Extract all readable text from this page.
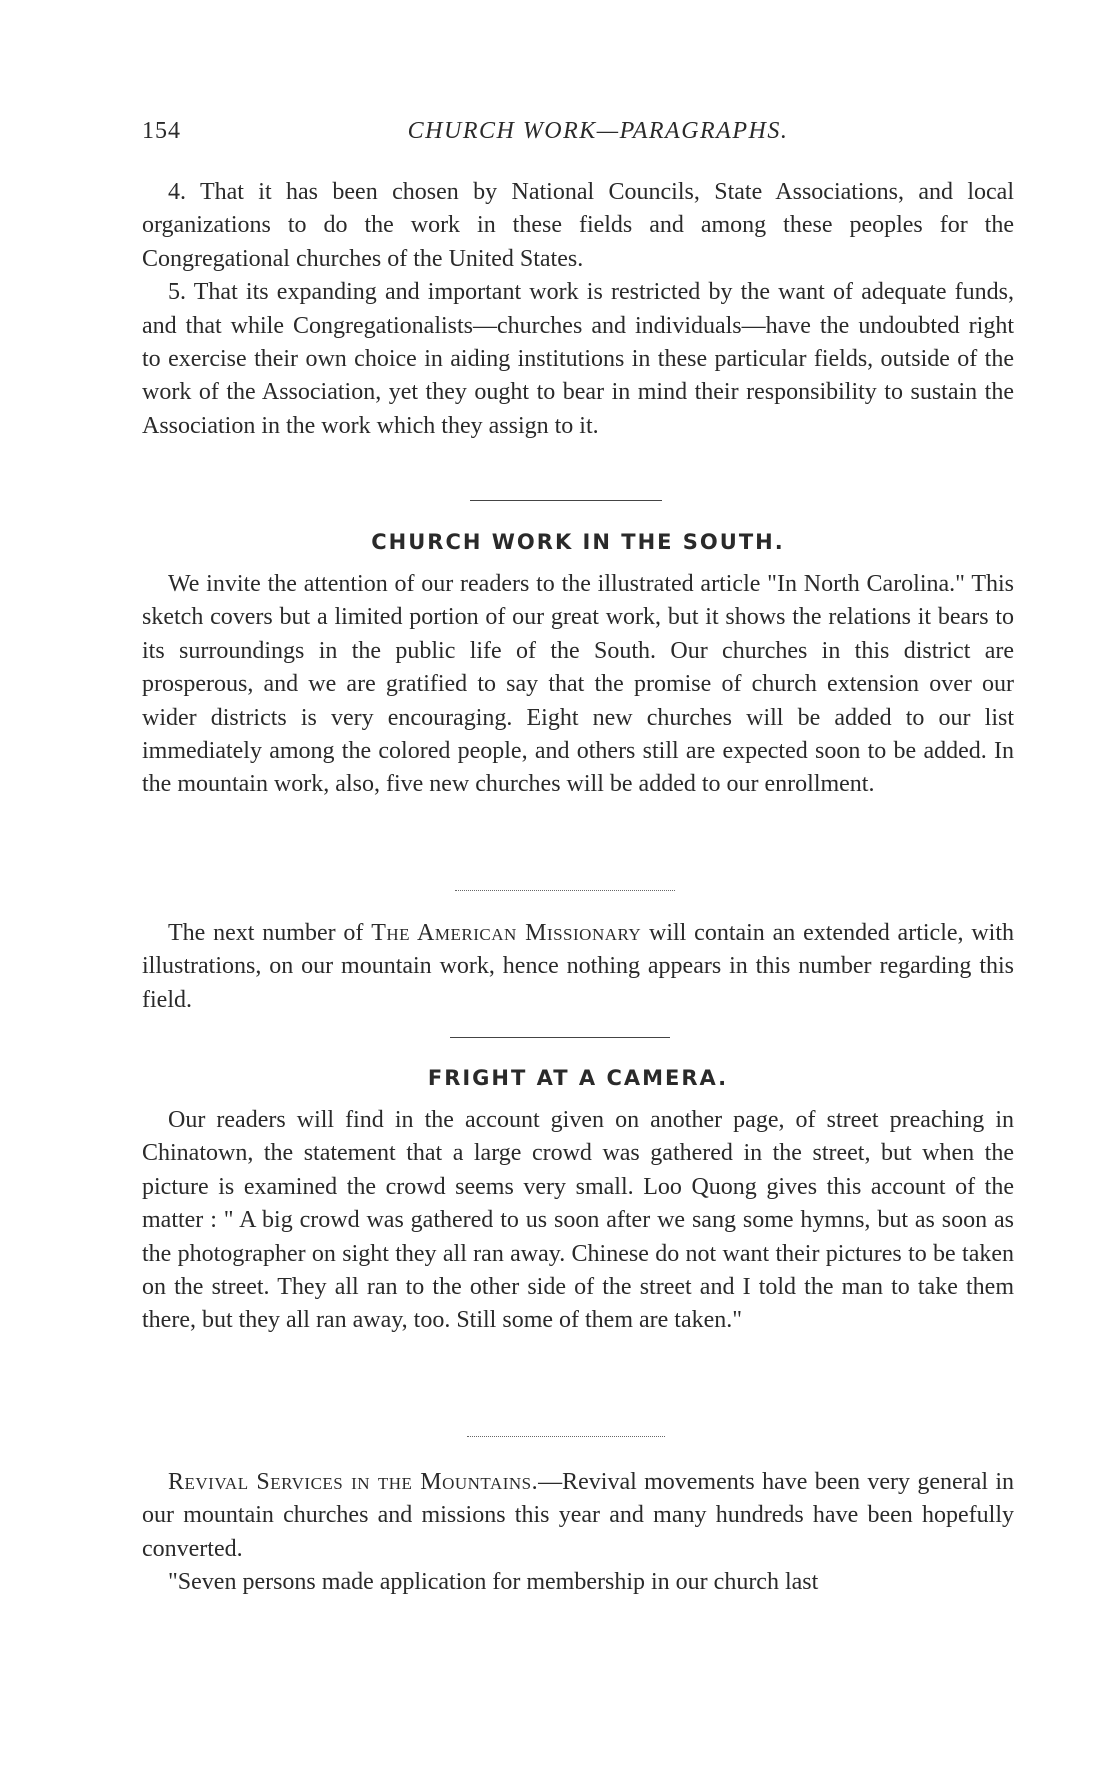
154	CHURCH WORK—PARAGRAPHS.

4. That it has been chosen by National Councils, State Associations, and local organizations to do the work in these fields and among these peoples for the Congregational churches of the United States.

5. That its expanding and important work is restricted by the want of adequate funds, and that while Congregationalists—churches and individuals—have the undoubted right to exercise their own choice in aiding institutions in these particular fields, outside of the work of the Association, yet they ought to bear in mind their responsibility to sustain the Association in the work which they assign to it.

CHURCH WORK IN THE SOUTH.

We invite the attention of our readers to the illustrated article "In North Carolina." This sketch covers but a limited portion of our great work, but it shows the relations it bears to its surroundings in the public life of the South. Our churches in this district are prosperous, and we are gratified to say that the promise of church extension over our wider districts is very encouraging. Eight new churches will be added to our list immediately among the colored people, and others still are expected soon to be added. In the mountain work, also, five new churches will be added to our enrollment.

The next number of The American Missionary will contain an extended article, with illustrations, on our mountain work, hence nothing appears in this number regarding this field.

FRIGHT AT A CAMERA.

Our readers will find in the account given on another page, of street preaching in Chinatown, the statement that a large crowd was gathered in the street, but when the picture is examined the crowd seems very small. Loo Quong gives this account of the matter : " A big crowd was gathered to us soon after we sang some hymns, but as soon as the photographer on sight they all ran away. Chinese do not want their pictures to be taken on the street. They all ran to the other side of the street and I told the man to take them there, but they all ran away, too. Still some of them are taken."

Revival Services in the Mountains.—Revival movements have been very general in our mountain churches and missions this year and many hundreds have been hopefully converted.

"Seven persons made application for membership in our church last
